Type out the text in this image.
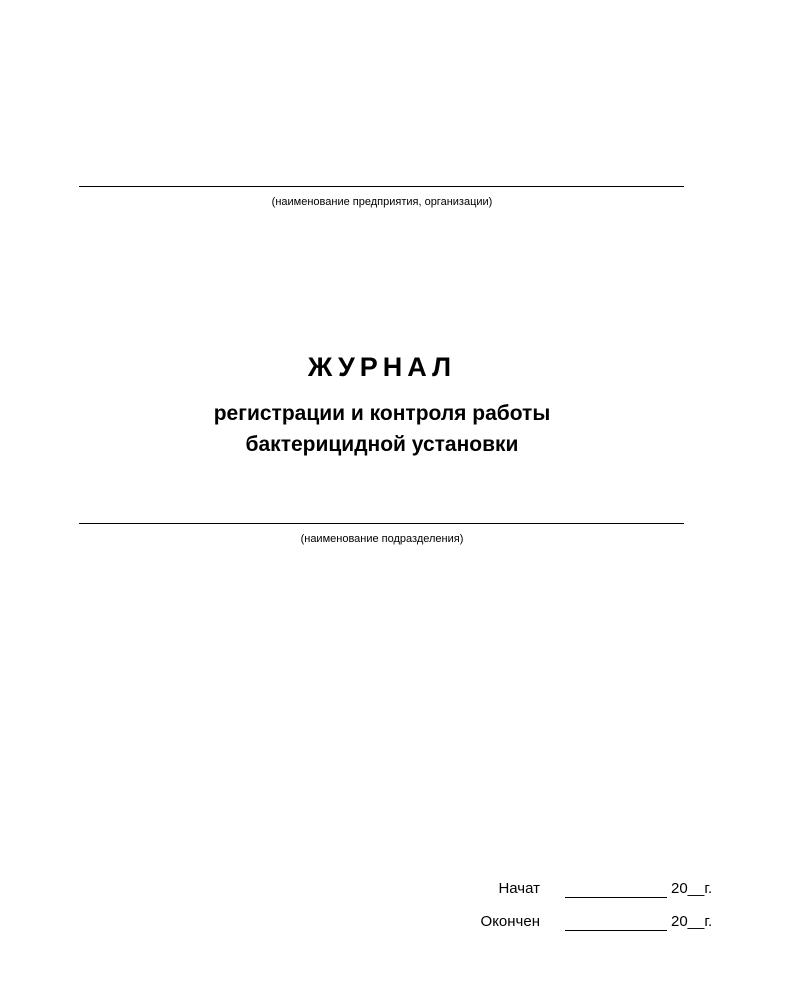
(наименование предприятия, организации)
ЖУРНАЛ
регистрации и контроля работы
бактерицидной установки
(наименование подразделения)
Начат	20__г.
Окончен	20__г.
